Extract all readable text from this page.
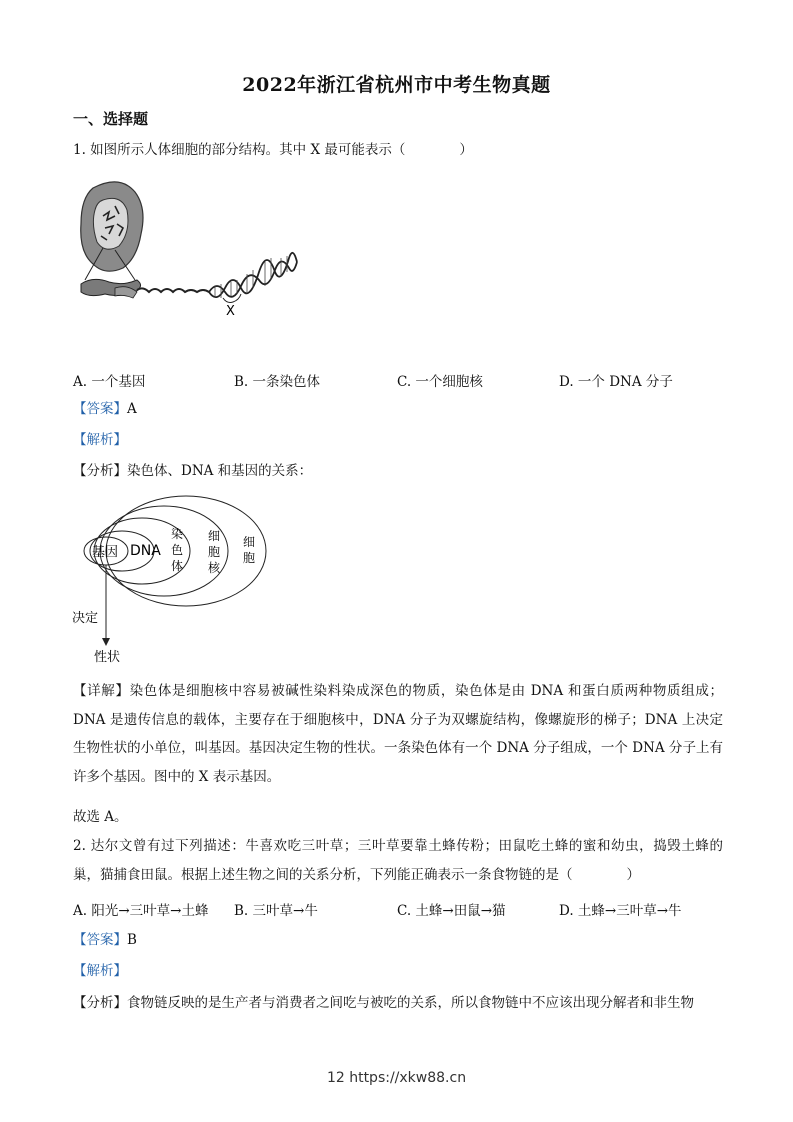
2022年浙江省杭州市中考生物真题
一、选择题
1. 如图所示人体细胞的部分结构。其中 X 最可能表示（　　　　）
X
A. 一个基因	B. 一条染色体	C. 一个细胞核	D. 一个 DNA 分子
【答案】A
【解析】
【分析】染色体、DNA 和基因的关系：
基因 DNA
染
色
体
细
胞
核
细
胞
决定
性状
【详解】染色体是细胞核中容易被碱性染料染成深色的物质，染色体是由 DNA 和蛋白质两种物质组成；DNA 是遗传信息的载体，主要存在于细胞核中，DNA 分子为双螺旋结构，像螺旋形的梯子；DNA 上决定生物性状的小单位，叫基因。基因决定生物的性状。一条染色体有一个 DNA 分子组成，一个 DNA 分子上有许多个基因。图中的 X 表示基因。
故选 A。
2. 达尔文曾有过下列描述：牛喜欢吃三叶草；三叶草要靠土蜂传粉；田鼠吃土蜂的蜜和幼虫，捣毁土蜂的巢，猫捕食田鼠。根据上述生物之间的关系分析，下列能正确表示一条食物链的是（　　　　）
A. 阳光→三叶草→土蜂 B. 三叶草→牛	C. 土蜂→田鼠→猫	D. 土蜂→三叶草→牛
【答案】B
【解析】
【分析】食物链反映的是生产者与消费者之间吃与被吃的关系，所以食物链中不应该出现分解者和非生物
12 https://xkw88.cn
